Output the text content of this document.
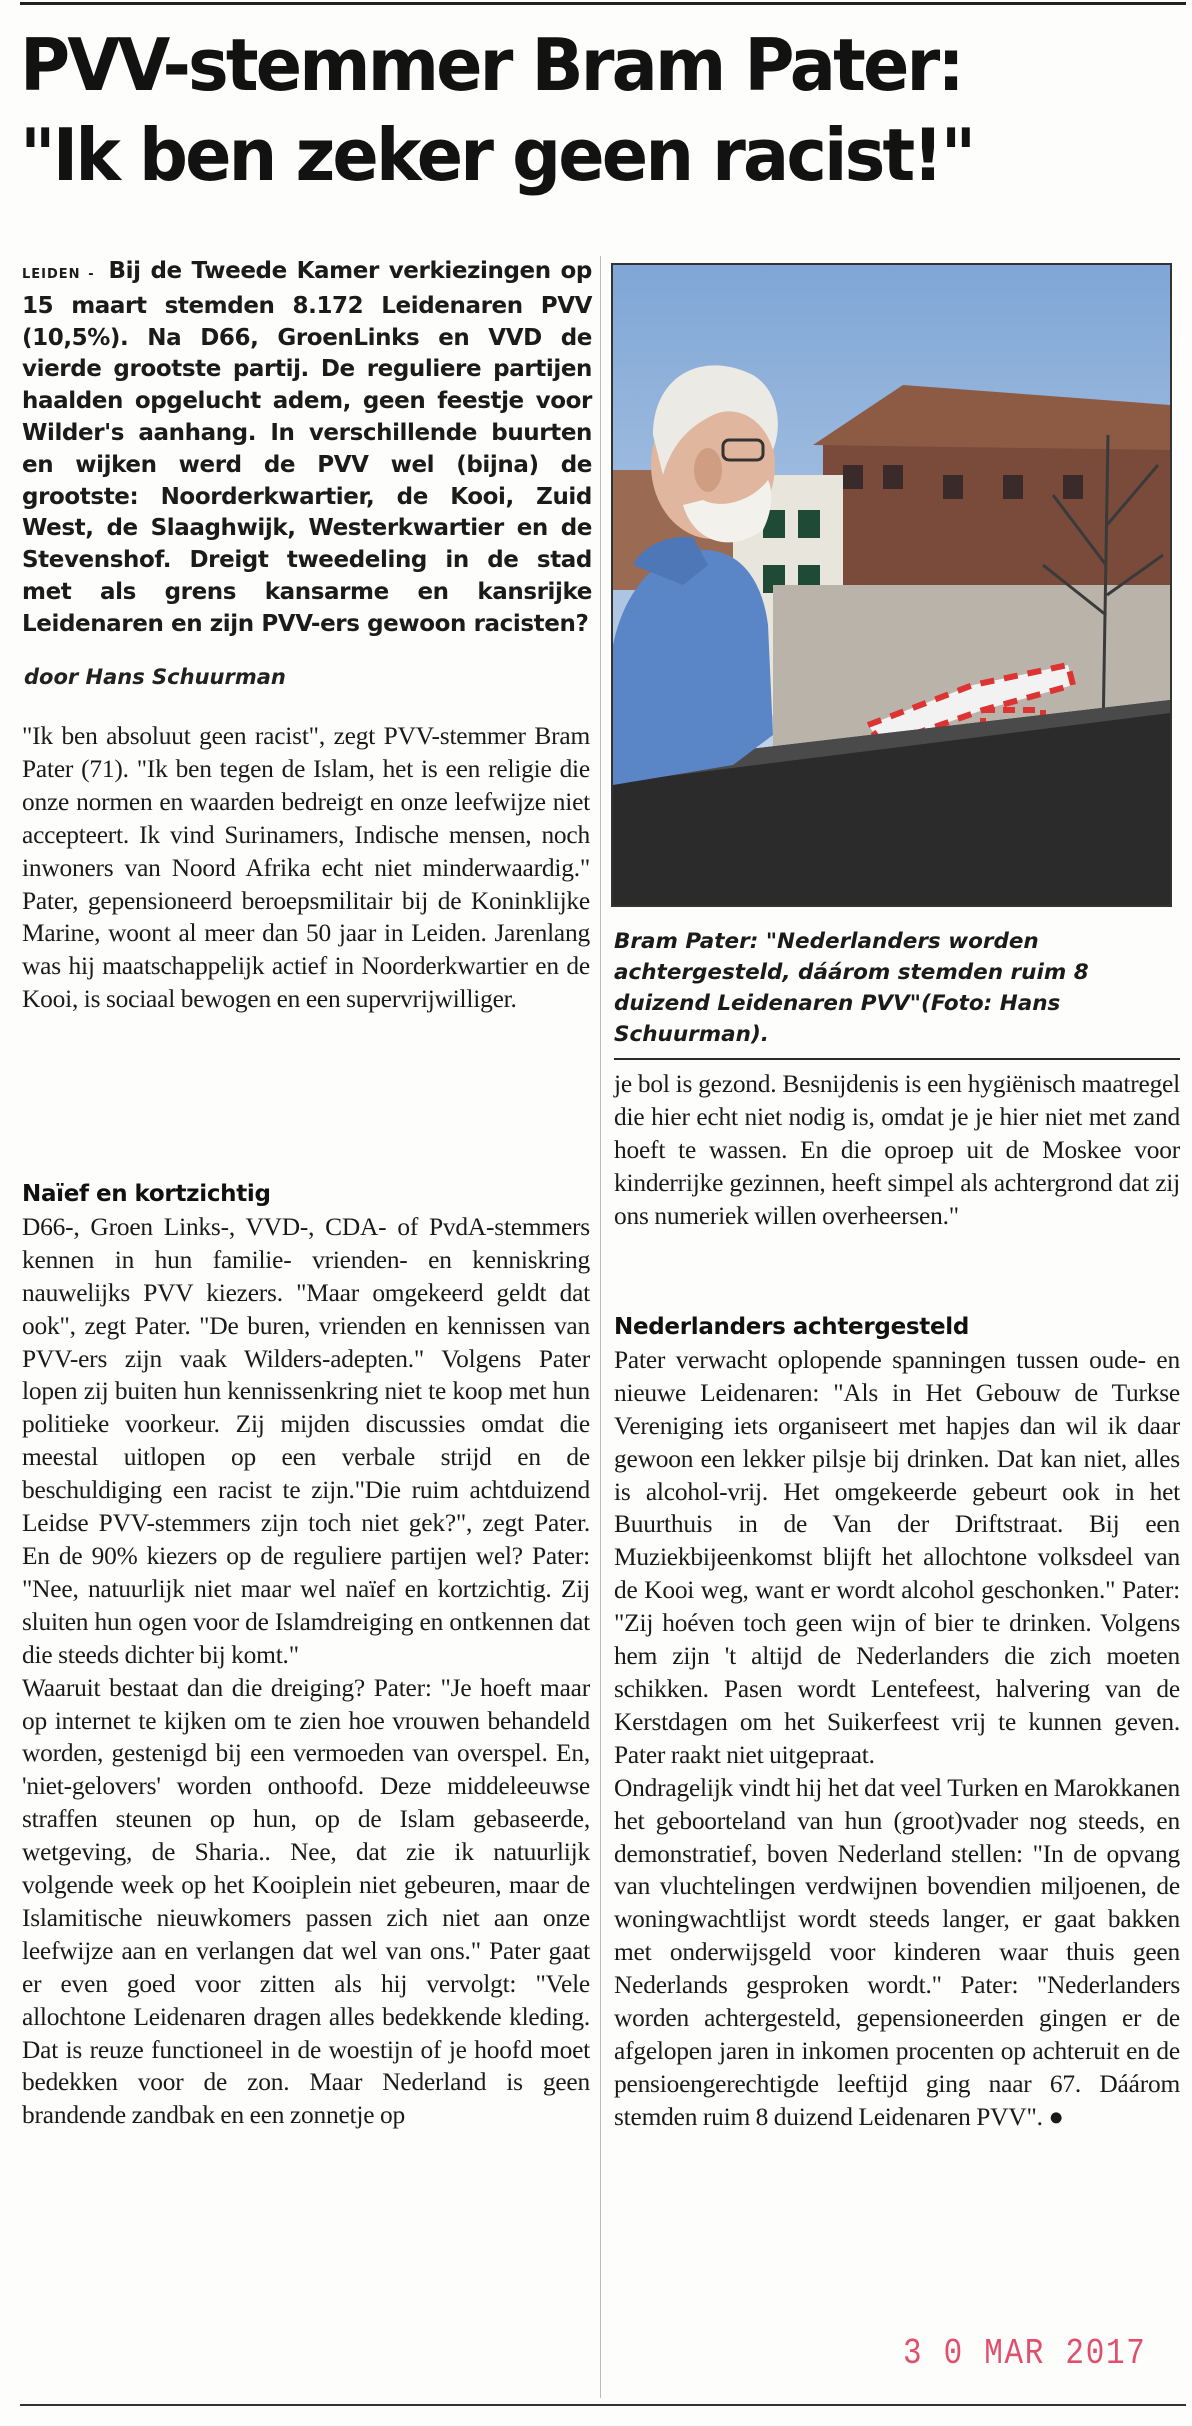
PVV-stemmer Bram Pater:
"Ik ben zeker geen racist!"

LEIDEN - Bij de Tweede Kamer verkiezingen op 15 maart stemden 8.172 Leidenaren PVV (10,5%). Na D66, GroenLinks en VVD de vierde grootste partij. De reguliere partijen haalden opgelucht adem, geen feestje voor Wilder's aanhang. In verschillende buurten en wijken werd de PVV wel (bijna) de grootste: Noorderkwartier, de Kooi, Zuid West, de Slaaghwijk, Westerkwartier en de Stevenshof. Dreigt tweedeling in de stad met als grens kansarme en kansrijke Leidenaren en zijn PVV-ers gewoon racisten?

door Hans Schuurman

"Ik ben absoluut geen racist", zegt PVV-stemmer Bram Pater (71). "Ik ben tegen de Islam, het is een religie die onze normen en waarden bedreigt en onze leefwijze niet accepteert. Ik vind Surinamers, Indische mensen, noch inwoners van Noord Afrika echt niet minderwaardig." Pater, gepensioneerd beroepsmilitair bij de Koninklijke Marine, woont al meer dan 50 jaar in Leiden. Jarenlang was hij maatschappelijk actief in Noorderkwartier en de Kooi, is sociaal bewogen en een supervrijwilliger.

Naïef en kortzichtig

D66-, Groen Links-, VVD-, CDA- of PvdA-stemmers kennen in hun familie- vrienden- en kenniskring nauwelijks PVV kiezers. "Maar omgekeerd geldt dat ook", zegt Pater. "De buren, vrienden en kennissen van PVV-ers zijn vaak Wilders-adepten." Volgens Pater lopen zij buiten hun kennissenkring niet te koop met hun politieke voorkeur. Zij mijden discussies omdat die meestal uitlopen op een verbale strijd en de beschuldiging een racist te zijn."Die ruim achtduizend Leidse PVV-stemmers zijn toch niet gek?", zegt Pater. En de 90% kiezers op de reguliere partijen wel? Pater: "Nee, natuurlijk niet maar wel naïef en kortzichtig. Zij sluiten hun ogen voor de Islamdreiging en ontkennen dat die steeds dichter bij komt."

Waaruit bestaat dan die dreiging? Pater: "Je hoeft maar op internet te kijken om te zien hoe vrouwen behandeld worden, gestenigd bij een vermoeden van overspel. En, 'niet-gelovers' worden onthoofd. Deze middeleeuwse straffen steunen op hun, op de Islam gebaseerde, wetgeving, de Sharia.. Nee, dat zie ik natuurlijk volgende week op het Kooiplein niet gebeuren, maar de Islamitische nieuwkomers passen zich niet aan onze leefwijze aan en verlangen dat wel van ons." Pater gaat er even goed voor zitten als hij vervolgt: "Vele allochtone Leidenaren dragen alles bedekkende kleding. Dat is reuze functioneel in de woestijn of je hoofd moet bedekken voor de zon. Maar Nederland is geen brandende zandbak en een zonnetje op

Bram Pater: "Nederlanders worden achtergesteld, dáárom stemden ruim 8 duizend Leidenaren PVV"(Foto: Hans Schuurman).

je bol is gezond. Besnijdenis is een hygiënisch maatregel die hier echt niet nodig is, omdat je je hier niet met zand hoeft te wassen. En die oproep uit de Moskee voor kinderrijke gezinnen, heeft simpel als achtergrond dat zij ons numeriek willen overheersen."

Nederlanders achtergesteld

Pater verwacht oplopende spanningen tussen oude- en nieuwe Leidenaren: "Als in Het Gebouw de Turkse Vereniging iets organiseert met hapjes dan wil ik daar gewoon een lekker pilsje bij drinken. Dat kan niet, alles is alcohol-vrij. Het omgekeerde gebeurt ook in het Buurthuis in de Van der Driftstraat. Bij een Muziekbijeenkomst blijft het allochtone volksdeel van de Kooi weg, want er wordt alcohol geschonken." Pater: "Zij hoéven toch geen wijn of bier te drinken. Volgens hem zijn 't altijd de Nederlanders die zich moeten schikken. Pasen wordt Lentefeest, halvering van de Kerstdagen om het Suikerfeest vrij te kunnen geven. Pater raakt niet uitgepraat.

Ondragelijk vindt hij het dat veel Turken en Marokkanen het geboorteland van hun (groot)vader nog steeds, en demonstratief, boven Nederland stellen: "In de opvang van vluchtelingen verdwijnen bovendien miljoenen, de woningwachtlijst wordt steeds langer, er gaat bakken met onderwijsgeld voor kinderen waar thuis geen Nederlands gesproken wordt." Pater: "Nederlanders worden achtergesteld, gepensioneerden gingen er de afgelopen jaren in inkomen procenten op achteruit en de pensioengerechtigde leeftijd ging naar 67. Dáárom stemden ruim 8 duizend Leidenaren PVV". ●

3 0 MAR 2017
